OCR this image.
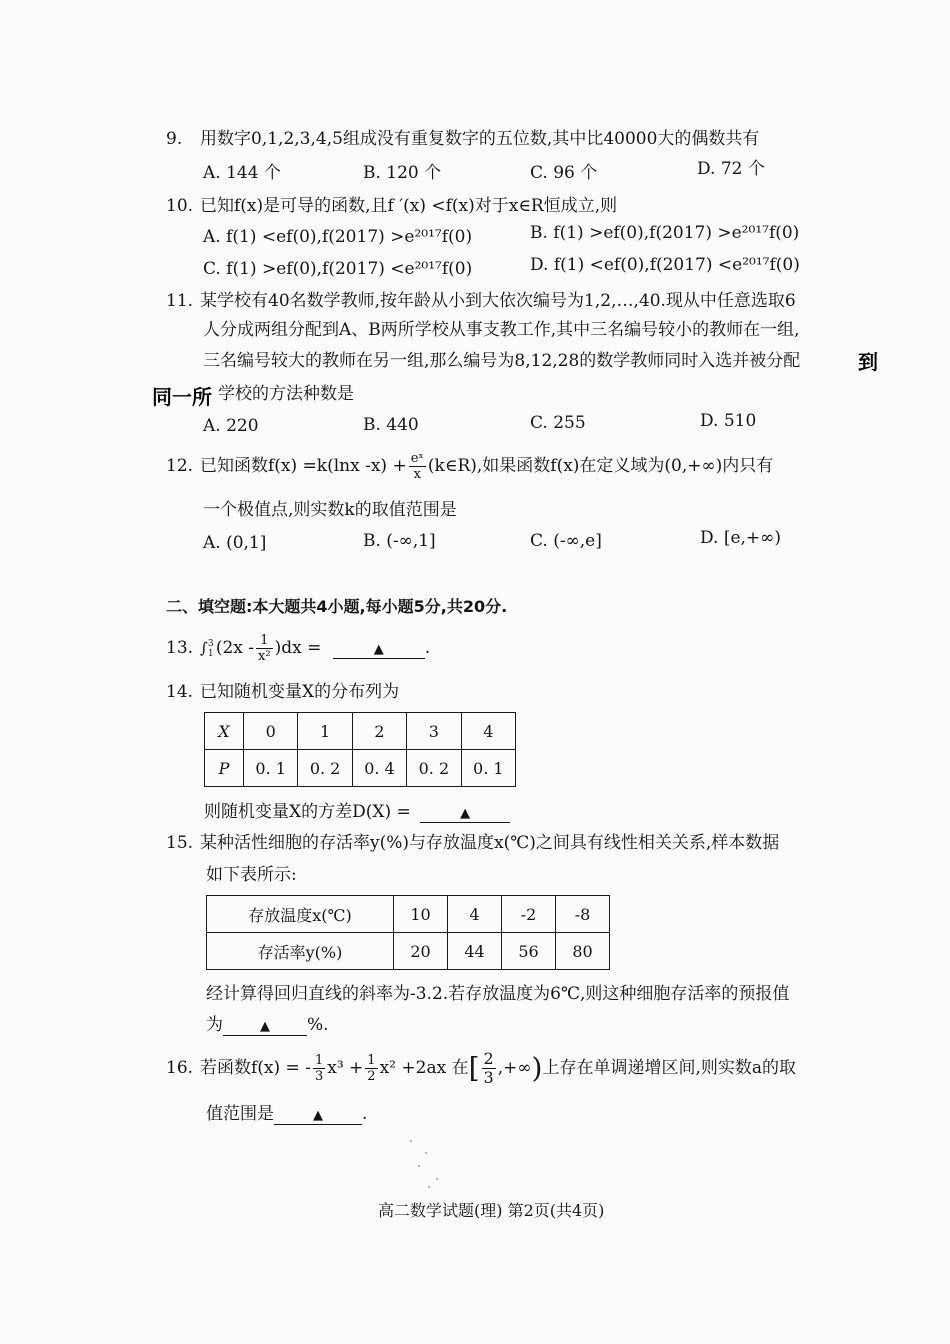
9. 用数字0,1,2,3,4,5组成没有重复数字的五位数,其中比40000大的偶数共有
A. 144 个	B. 120 个	C. 96 个	D. 72 个
10. 已知f(x)是可导的函数,且f ′(x) <f(x)对于x∈R恒成立,则
A. f(1) <ef(0),f(2017) >e²⁰¹⁷f(0)	B. f(1) >ef(0),f(2017) >e²⁰¹⁷f(0)
C. f(1) >ef(0),f(2017) <e²⁰¹⁷f(0)	D. f(1) <ef(0),f(2017) <e²⁰¹⁷f(0)
11. 某学校有40名数学教师,按年龄从小到大依次编号为1,2,…,40.现从中任意选取6
人分成两组分配到A、B两所学校从事支教工作,其中三名编号较小的教师在一组,
三名编号较大的教师在另一组,那么编号为8,12,28的数学教师同时入选并被分配	到
同一所 学校的方法种数是
A. 220	B. 440	C. 255	D. 510
12. 已知函数f(x) =k(lnx $-x) + \frac{\text{eˣ}}{x}$ (k∈R),如果函数f(x)在定义域为(0,+∞)内只有
一个极值点,则实数k的取值范围是
A. (0,1]	B. (-∞,1]	C. (-∞,e]	D. [e,+∞)
二、填空题:本大题共4小题,每小题5分,共20分.
13. ∫ 3
1 $(2x - \frac{1}{\text{x²}} )dx$ =	▲ .
14. 已知随机变量X的分布列为
X	0	1	2	3	4
P	0. 1	0. 2	0. 4	0. 2	0. 1
则随机变量X的方差D(X) =	▲
15. 某种活性细胞的存活率y(%)与存放温度x(℃)之间具有线性相关关系,样本数据
如下表所示:
存放温度x(℃)	10	4	-2	-8
存活率y(%)	20	44	56	80
经计算得回归直线的斜率为-3.2.若存放温度为6℃,则这种细胞存活率的预报值
为	▲ %.
16. 若函数f(x) = - $\frac{1}{3} x^3 + \frac{1}{2} x^2 +2ax$ 在[ $\frac{2}{3}$ ,+∞)上存在单调递增区间,则实数a的取
值范围是	▲ .
高二数学试题(理) 第2页(共4页)
